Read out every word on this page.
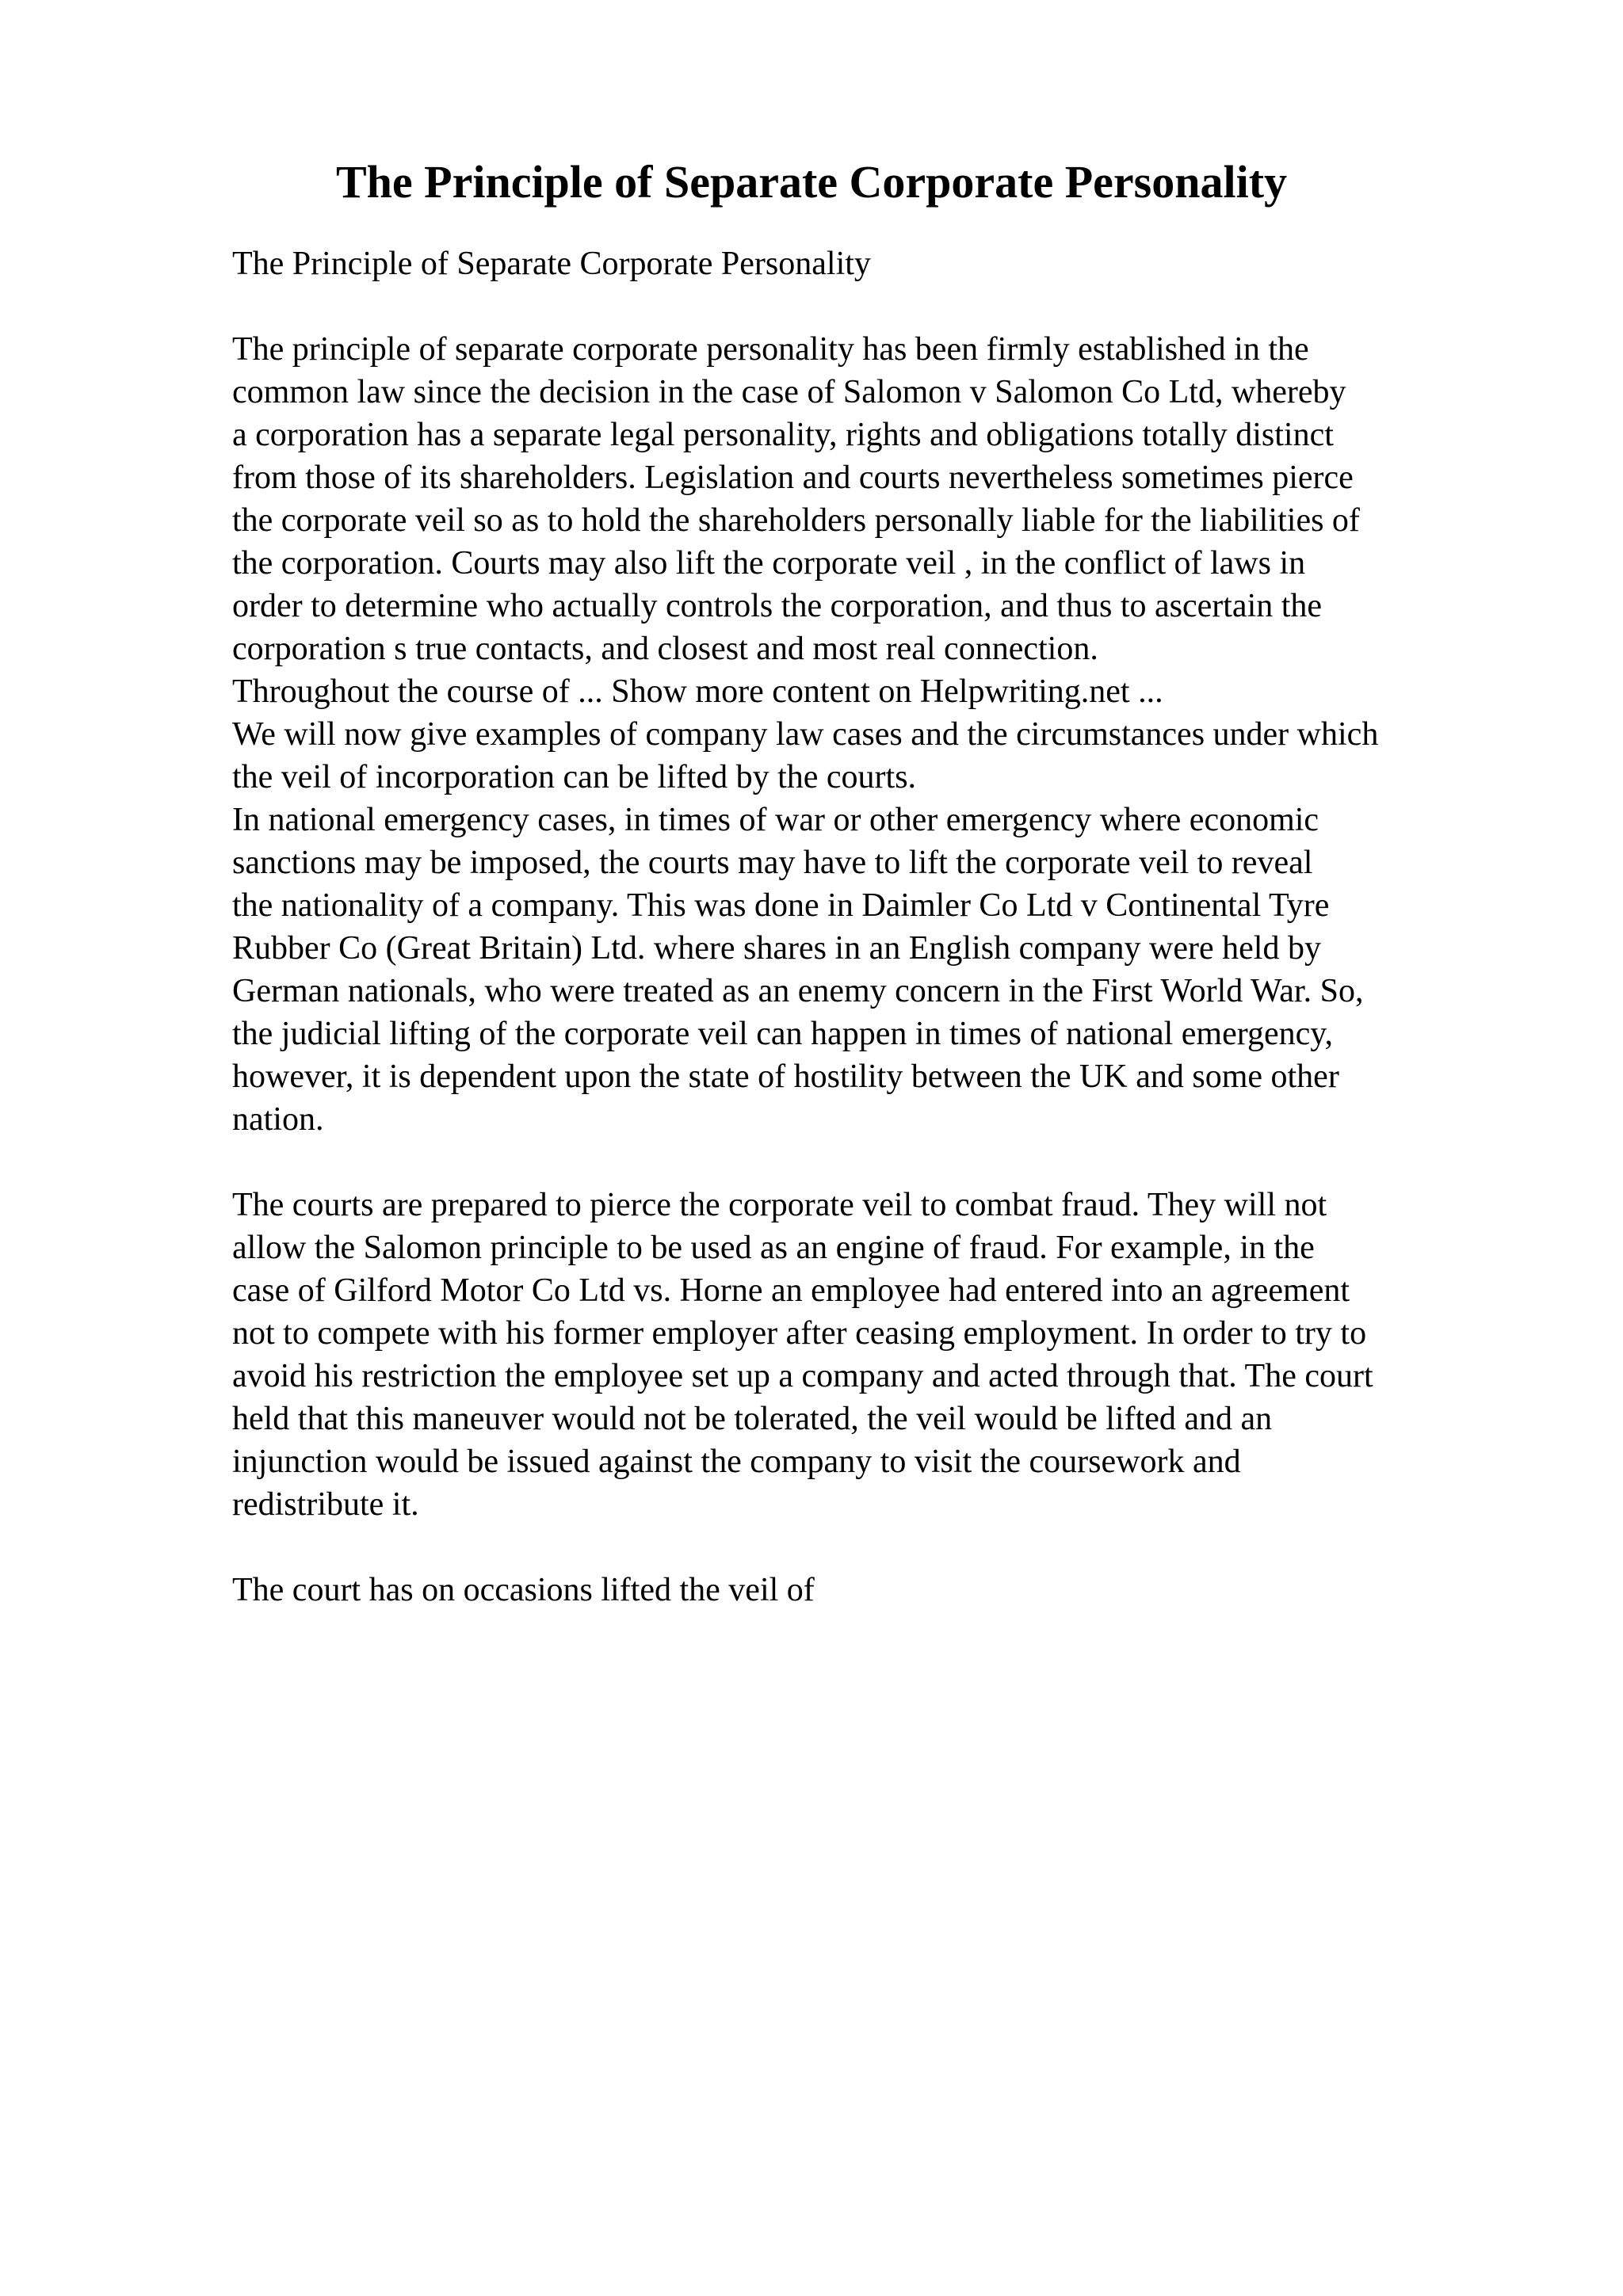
The Principle of Separate Corporate Personality
The Principle of Separate Corporate Personality
The principle of separate corporate personality has been firmly established in the
common law since the decision in the case of Salomon v Salomon Co Ltd, whereby
a corporation has a separate legal personality, rights and obligations totally distinct
from those of its shareholders. Legislation and courts nevertheless sometimes pierce
the corporate veil so as to hold the shareholders personally liable for the liabilities of
the corporation. Courts may also lift the corporate veil , in the conflict of laws in
order to determine who actually controls the corporation, and thus to ascertain the
corporation s true contacts, and closest and most real connection.
Throughout the course of ... Show more content on Helpwriting.net ...
We will now give examples of company law cases and the circumstances under which
the veil of incorporation can be lifted by the courts.
In national emergency cases, in times of war or other emergency where economic
sanctions may be imposed, the courts may have to lift the corporate veil to reveal
the nationality of a company. This was done in Daimler Co Ltd v Continental Tyre
Rubber Co (Great Britain) Ltd. where shares in an English company were held by
German nationals, who were treated as an enemy concern in the First World War. So,
the judicial lifting of the corporate veil can happen in times of national emergency,
however, it is dependent upon the state of hostility between the UK and some other
nation.
The courts are prepared to pierce the corporate veil to combat fraud. They will not
allow the Salomon principle to be used as an engine of fraud. For example, in the
case of Gilford Motor Co Ltd vs. Horne an employee had entered into an agreement
not to compete with his former employer after ceasing employment. In order to try to
avoid his restriction the employee set up a company and acted through that. The court
held that this maneuver would not be tolerated, the veil would be lifted and an
injunction would be issued against the company to visit the coursework and
redistribute it.
The court has on occasions lifted the veil of
